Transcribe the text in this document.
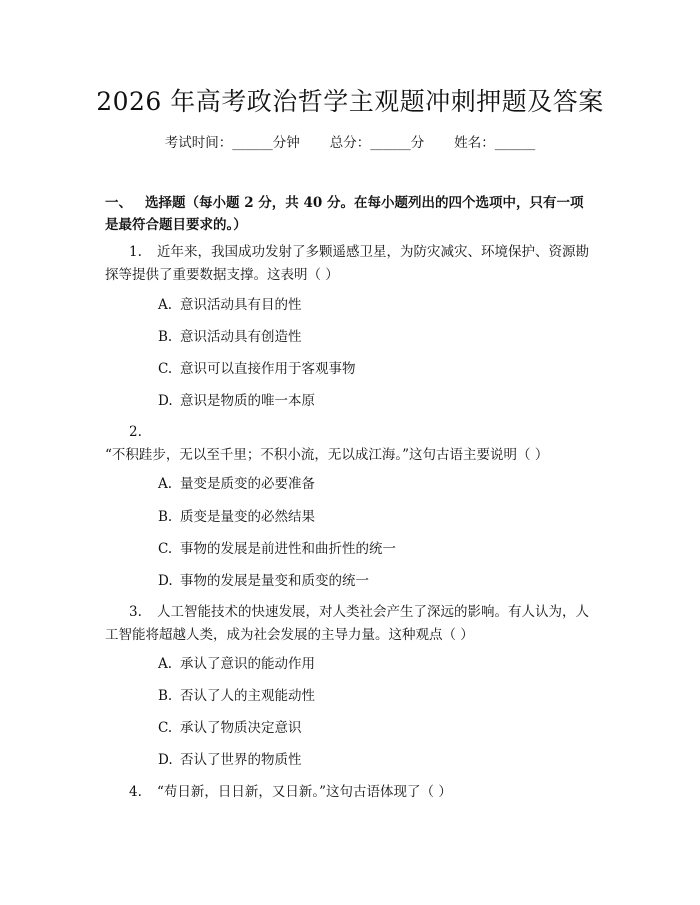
2026 年高考政治哲学主观题冲刺押题及答案
考试时间：______分钟 总分：______分 姓名：______
一、 选择题（每小题 2 分，共 40 分。在每小题列出的四个选项中，只有一项是最符合题目要求的。）
1. 近年来，我国成功发射了多颗遥感卫星，为防灾减灾、环境保护、资源勘探等提供了重要数据支撑。这表明（ ）
A. 意识活动具有目的性
B. 意识活动具有创造性
C. 意识可以直接作用于客观事物
D. 意识是物质的唯一本原
2.“不积跬步，无以至千里；不积小流，无以成江海。”这句古语主要说明（ ）
A. 量变是质变的必要准备
B. 质变是量变的必然结果
C. 事物的发展是前进性和曲折性的统一
D. 事物的发展是量变和质变的统一
3. 人工智能技术的快速发展，对人类社会产生了深远的影响。有人认为，人工智能将超越人类，成为社会发展的主导力量。这种观点（ ）
A. 承认了意识的能动作用
B. 否认了人的主观能动性
C. 承认了物质决定意识
D. 否认了世界的物质性
4. “苟日新，日日新，又日新。”这句古语体现了（ ）
